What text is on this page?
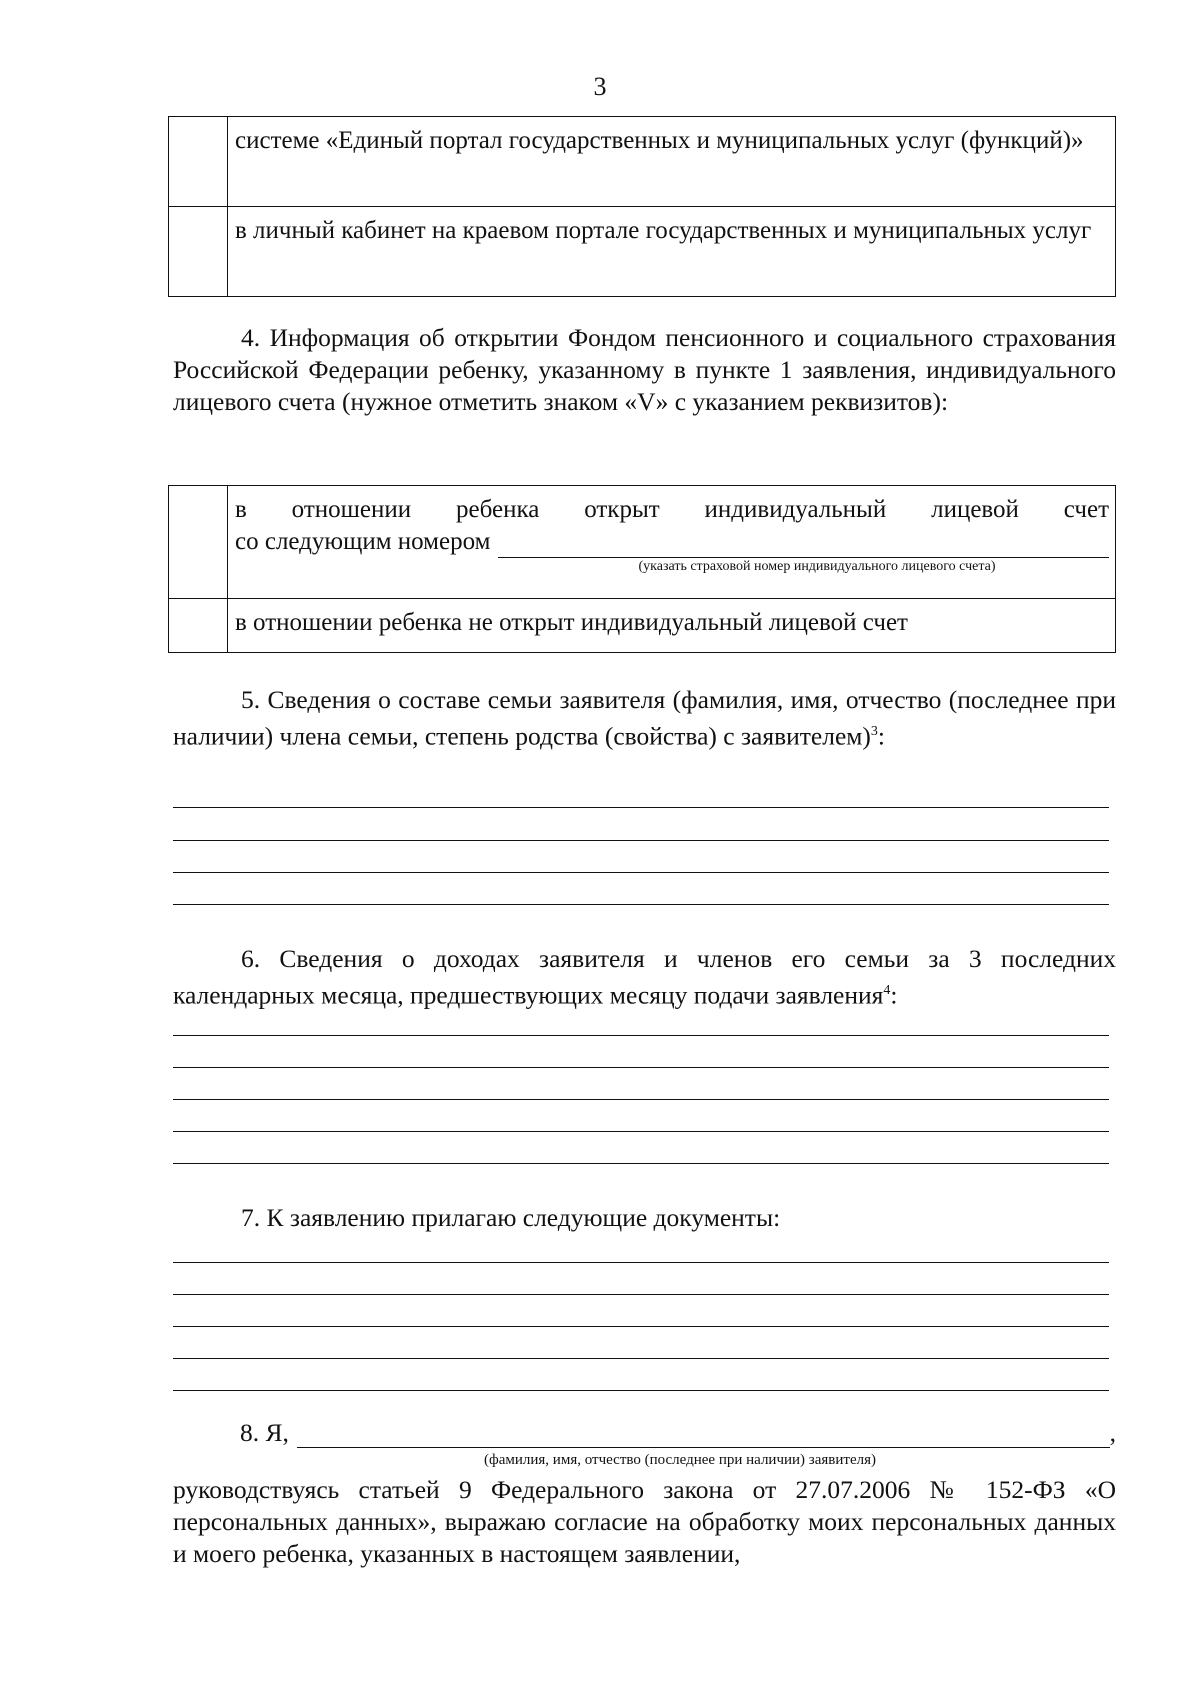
3

	системе «Единый портал государственных и муниципальных услуг (функций)»

	в личный кабинет на краевом портале государственных и муниципальных услуг
4. Информация об открытии Фондом пенсионного и социального страхования Российской Федерации ребенку, указанному в пункте 1 заявления, индивидуального лицевого счета (нужное отметить знаком «V» с указанием реквизитов):

	в отношении ребенка открыт индивидуальный лицевой счет
со следующим номером
(указать страховой номер индивидуального лицевого счета)

	в отношении ребенка не открыт индивидуальный лицевой счет
5. Сведения о составе семьи заявителя (фамилия, имя, отчество (последнее при наличии) члена семьи, степень родства (свойства) с заявителем)$^3$:
6. Сведения о доходах заявителя и членов его семьи за 3 последних календарных месяца, предшествующих месяцу подачи заявления$^4$:
7. К заявлению прилагаю следующие документы:
8. Я,	,
(фамилия, имя, отчество (последнее при наличии) заявителя)
руководствуясь статьей 9 Федерального закона от 27.07.2006 № 152-ФЗ «О персональных данных», выражаю согласие на обработку моих персональных данных и моего ребенка, указанных в настоящем заявлении,
